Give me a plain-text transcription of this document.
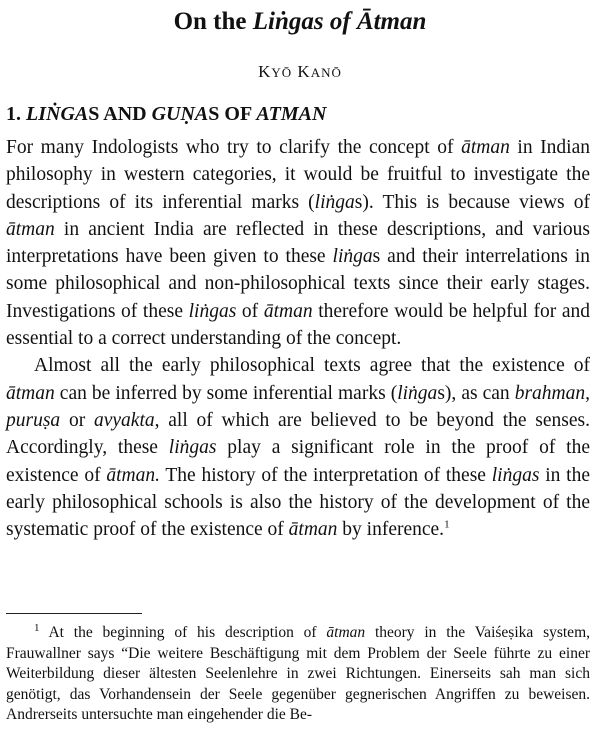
On the Liṅgas of Ātman
KYŌ KANŌ
1. LIṄGAS AND GUṆAS OF ATMAN

For many Indologists who try to clarify the concept of ātman in Indian philosophy in western categories, it would be fruitful to investigate the descriptions of its inferential marks (liṅgas). This is because views of ātman in ancient India are reflected in these descriptions, and various interpretations have been given to these liṅgas and their interrelations in some philosophical and non-philosophical texts since their early stages. Investigations of these liṅgas of ātman therefore would be helpful for and essential to a correct understanding of the concept.

Almost all the early philosophical texts agree that the existence of ātman can be inferred by some inferential marks (liṅgas), as can brahman, puruṣa or avyakta, all of which are believed to be beyond the senses. Accordingly, these liṅgas play a significant role in the proof of the existence of ātman. The history of the interpretation of these liṅgas in the early philosophical schools is also the history of the development of the systematic proof of the existence of ātman by inference.$^1$

$^1$ At the beginning of his description of ātman theory in the Vaiśeṣika system, Frauwallner says “Die weitere Beschäftigung mit dem Problem der Seele führte zu einer Weiterbildung dieser ältesten Seelenlehre in zwei Richtungen. Einerseits sah man sich genötigt, das Vorhandensein der Seele gegenüber gegnerischen Angriffen zu beweisen. Andrerseits untersuchte man eingehender die Be-
